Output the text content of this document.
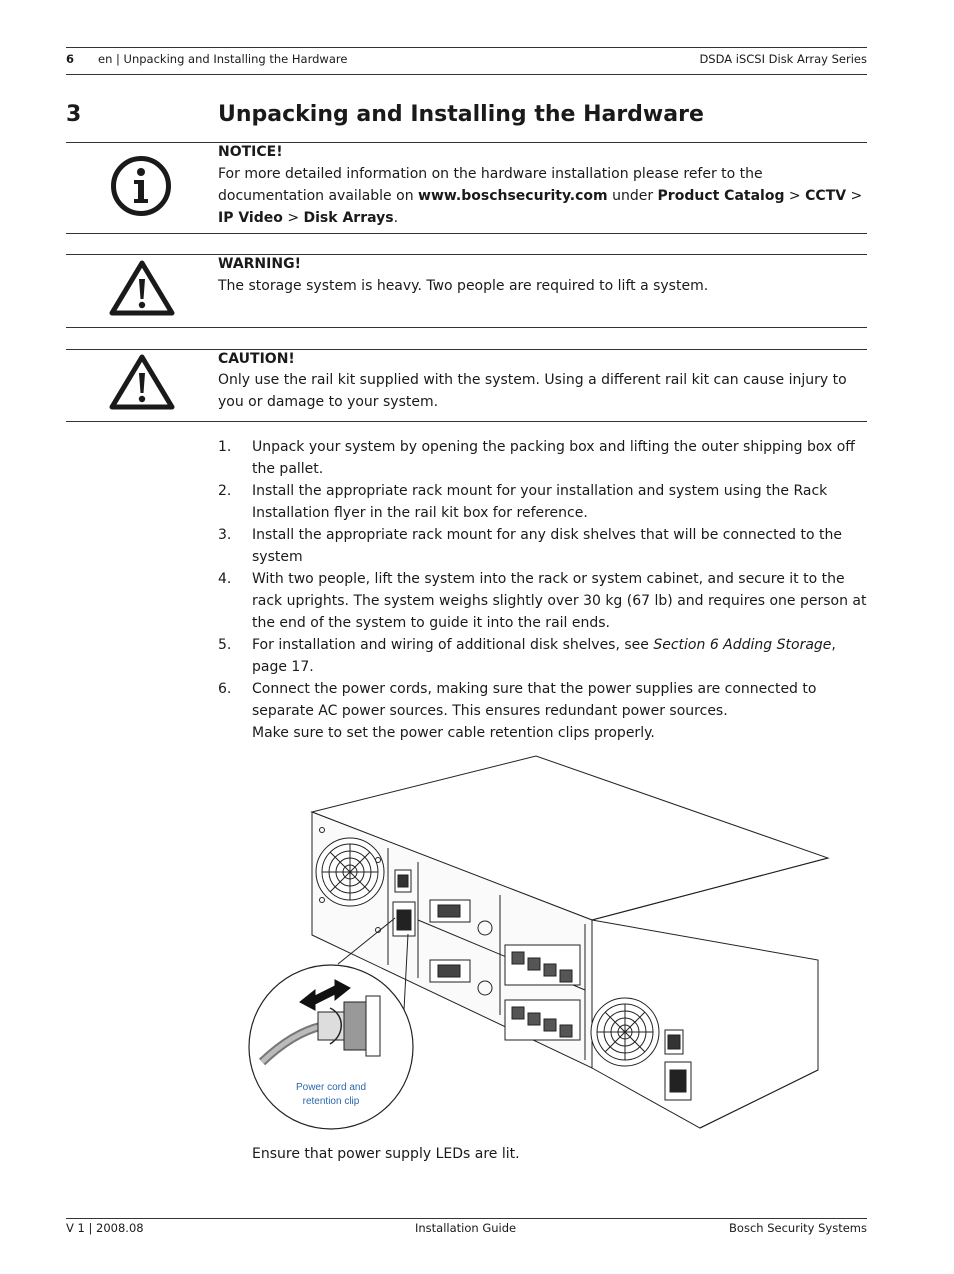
6 en | Unpacking and Installing the Hardware	DSDA iSCSI Disk Array Series
3	Unpacking and Installing the Hardware
NOTICE!
For more detailed information on the hardware installation please refer to the documentation available on www.boschsecurity.com under Product Catalog > CCTV > IP Video > Disk Arrays.
WARNING!
The storage system is heavy. Two people are required to lift a system.
CAUTION!
Only use the rail kit supplied with the system. Using a different rail kit can cause injury to you or damage to your system.
1. Unpack your system by opening the packing box and lifting the outer shipping box off the pallet.
2. Install the appropriate rack mount for your installation and system using the Rack Installation flyer in the rail kit box for reference.
3. Install the appropriate rack mount for any disk shelves that will be connected to the system
4. With two people, lift the system into the rack or system cabinet, and secure it to the rack uprights. The system weighs slightly over 30 kg (67 lb) and requires one person at the end of the system to guide it into the rail ends.
5. For installation and wiring of additional disk shelves, see Section 6 Adding Storage, page 17.
6. Connect the power cords, making sure that the power supplies are connected to separate AC power sources. This ensures redundant power sources.
Make sure to set the power cable retention clips properly.
Power cord and
retention clip
Ensure that power supply LEDs are lit.
V 1 | 2008.08	Installation Guide	Bosch Security Systems
